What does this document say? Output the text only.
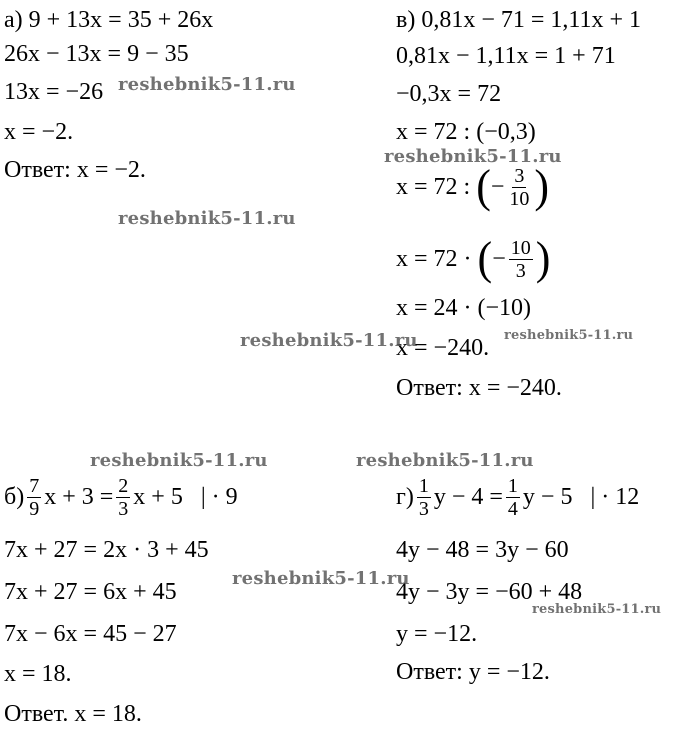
а) 9 + 13x = 35 + 26x
26x − 13x = 9 − 35
13x = −26
x = −2.
Ответ: x = −2.
в) 0,81x − 71 = 1,11x + 1
0,81x − 1,11x = 1 + 71
−0,3x = 72
x = 72 : (−0,3)
x = 72 :
( − $\frac{3}{10}$ )
x = 72 ·
( − $\frac{10}{3}$ )
x = 24 · (−10)
x = −240.
Ответ: x = −240.
$б) \frac{7}{9}$ $x + 3 = \frac{2}{3}$ x + 5 | · 9
7x + 27 = 2x · 3 + 45
7x + 27 = 6x + 45
7x − 6x = 45 − 27
x = 18.
Ответ. x = 18.
$г) \frac{1}{3}$ $y - 4 = \frac{1}{4}$ y − 5 | · 12
4y − 48 = 3y − 60
4y − 3y = −60 + 48
y = −12.
Ответ: y = −12.
reshebnik5-11.ru
reshebnik5-11.ru
reshebnik5-11.ru
reshebnik5-11.ru	reshebnik5-11.ru
reshebnik5-11.ru	reshebnik5-11.ru
reshebnik5-11.ru
reshebnik5-11.ru
